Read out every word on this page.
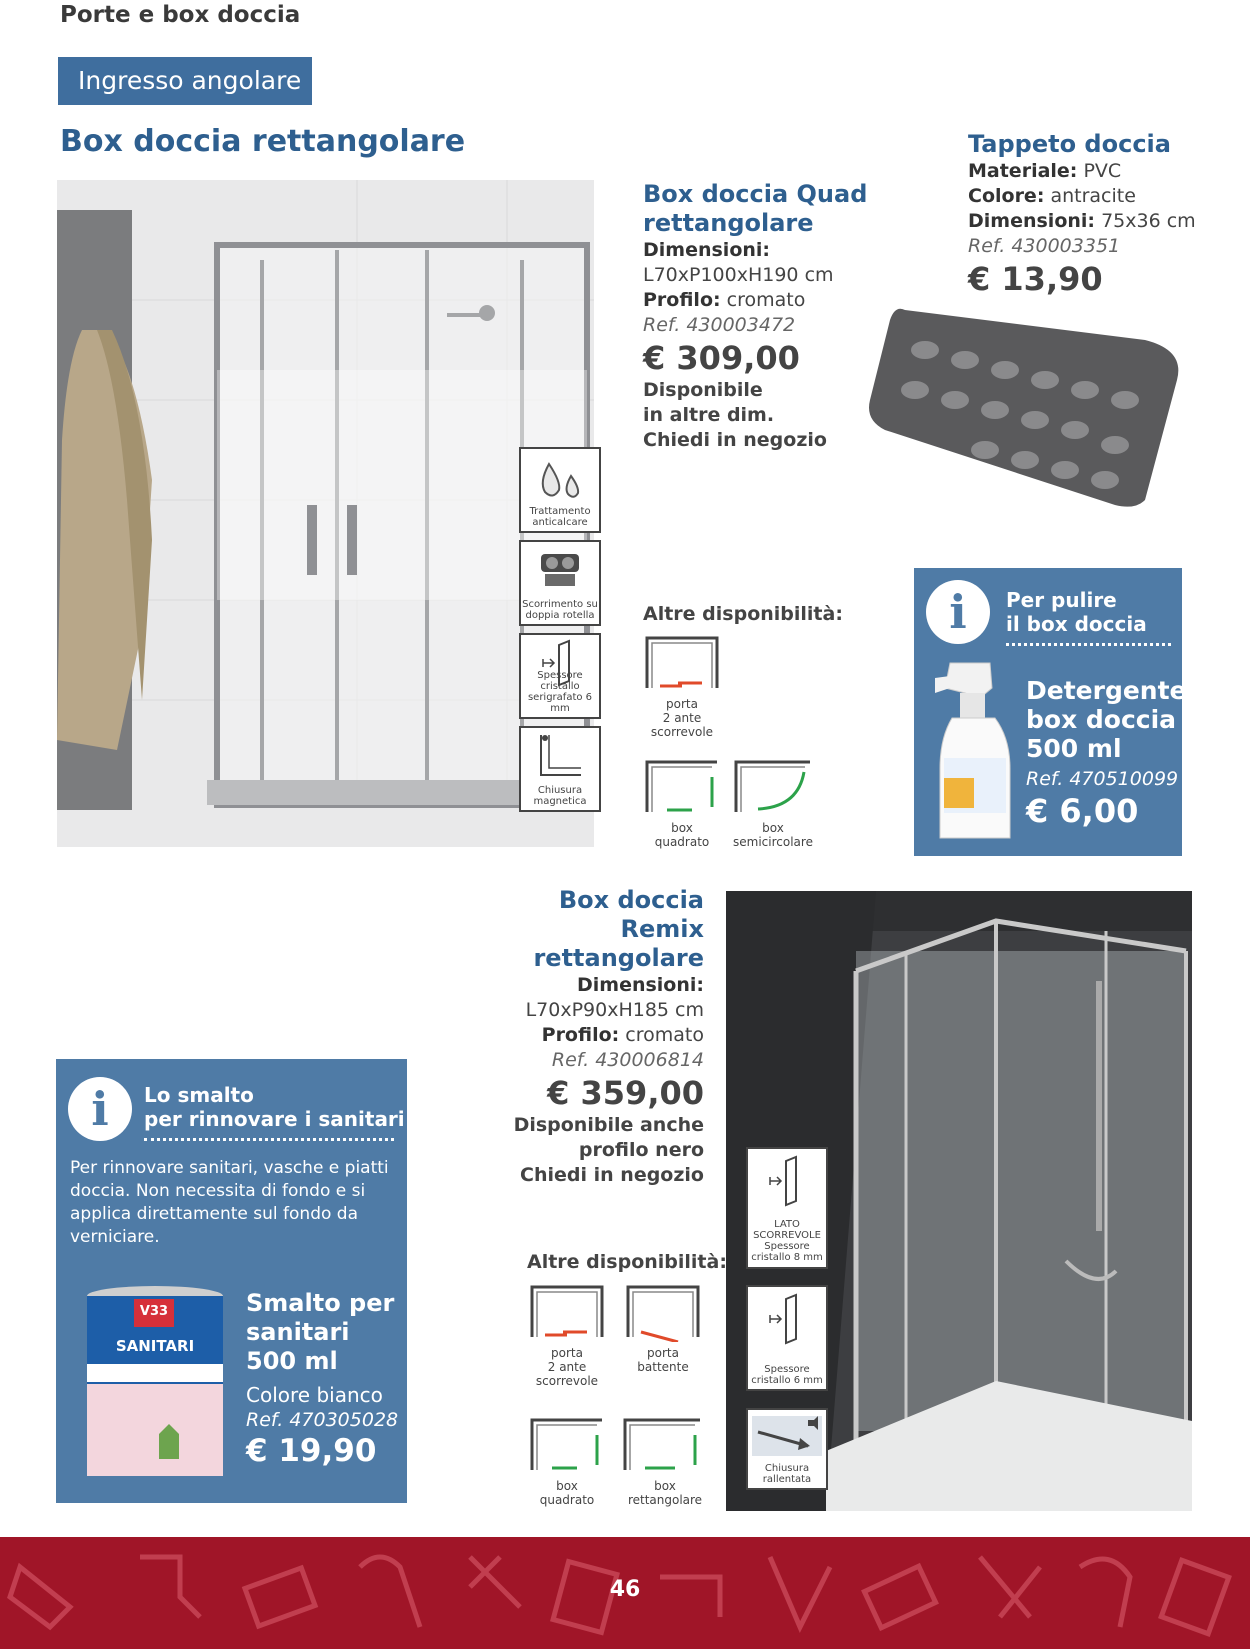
Porte e box doccia
Ingresso angolare
Box doccia rettangolare
Trattamento anticalcare
Scorrimento su doppia rotella
Spessore cristallo serigrafato 6 mm
Chiusura magnetica
Box doccia Quad
rettangolare
Dimensioni:
L70xP100xH190 cm
Profilo: cromato
Ref. 430003472
€ 309,00
Disponibile
in altre dim.
Chiedi in negozio
Altre disponibilità:
porta
2 ante
scorrevole
box
quadrato
box
semicircolare
Tappeto doccia
Materiale: PVC
Colore: antracite
Dimensioni: 75x36 cm
Ref. 430003351
€ 13,90
i	Per pulire
il box doccia
Detergente
box doccia
500 ml
Ref. 470510099
€ 6,00
Box doccia Remix
rettangolare
Dimensioni:
L70xP90xH185 cm
Profilo: cromato
Ref. 430006814
€ 359,00
Disponibile anche
profilo nero
Chiedi in negozio
LATO SCORREVOLE Spessore cristallo 8 mm
Spessore cristallo 6 mm
Chiusura rallentata
Altre disponibilità:
porta
2 ante
scorrevole
porta
battente
box
quadrato
box
rettangolare
i	Lo smalto
per rinnovare i sanitari
Per rinnovare sanitari, vasche e piatti doccia. Non necessita di fondo e si applica direttamente sul fondo da verniciare.
V33
SANITARI
Smalto per
sanitari
500 ml
Colore bianco
Ref. 470305028
€ 19,90
46
